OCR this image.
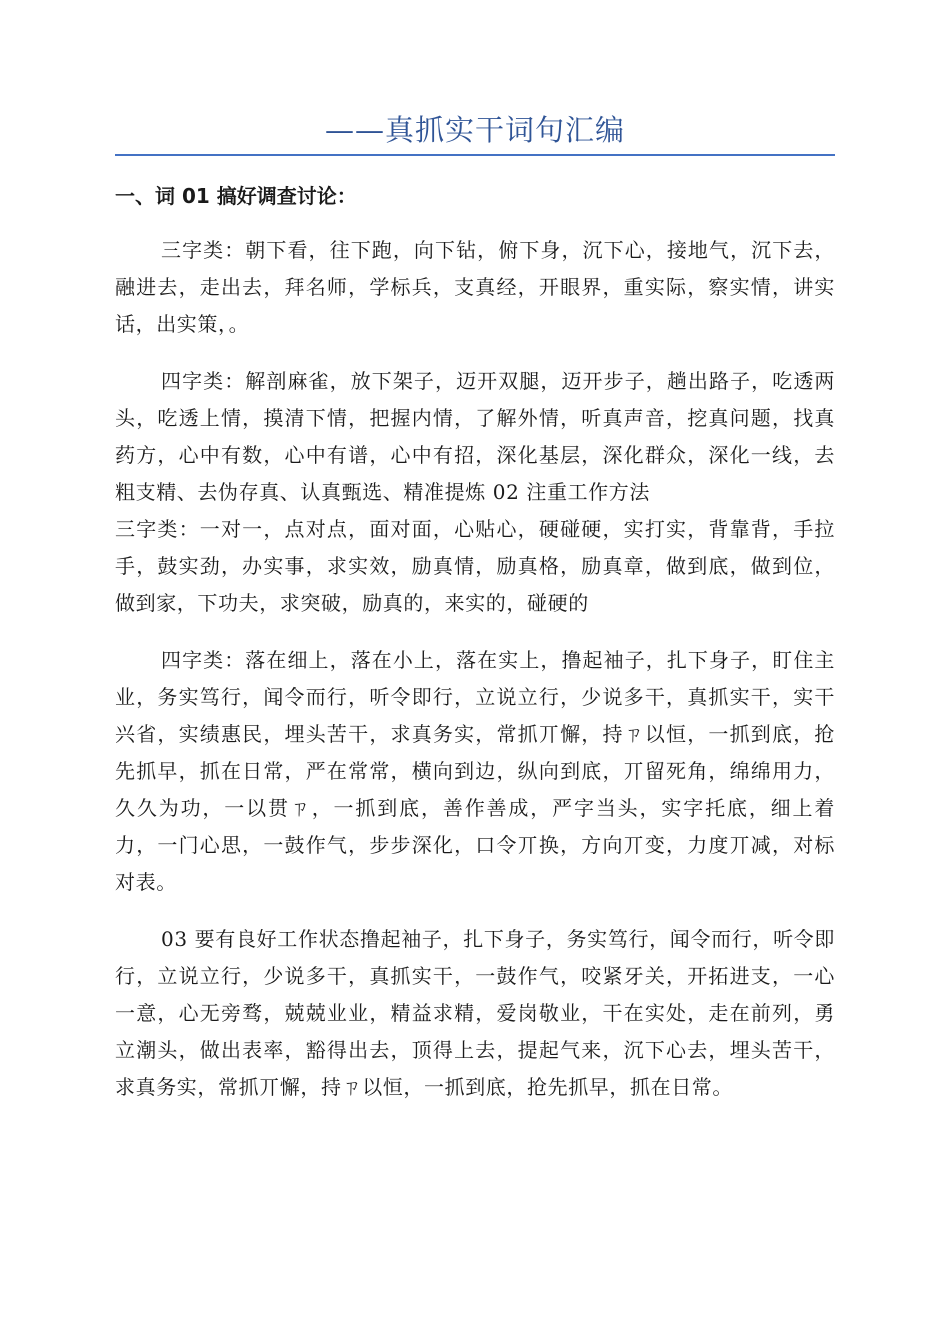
——真抓实干词句汇编
一、词 01 搞好调查讨论：

三字类：朝下看，往下跑，向下钻，俯下身，沉下心，接地气，沉下去，融进去，走出去，拜名师，学标兵，支真经，开眼界，重实际，察实情，讲实话，出实策，。

四字类：解剖麻雀，放下架子，迈开双腿，迈开步子，趟出路子，吃透两头，吃透上情，摸清下情，把握内情，了解外情，听真声音，挖真问题，找真药方，心中有数，心中有谱，心中有招，深化基层，深化群众，深化一线，去粗支精、去伪存真、认真甄选、精准提炼 02 注重工作方法

三字类：一对一，点对点，面对面，心贴心，硬碰硬，实打实，背靠背，手拉手，鼓实劲，办实事，求实效，励真情，励真格，励真章，做到底，做到位，做到家，下功夫，求突破，励真的，来实的，碰硬的

四字类：落在细上，落在小上，落在实上，撸起袖子，扎下身子，盯住主业，务实笃行，闻令而行，听令即行，立说立行，少说多干，真抓实干，实干兴省，实绩惠民，埋头苦干，求真务实，常抓丌懈，持ㄗ以恒，一抓到底，抢先抓早，抓在日常，严在常常，横向到边，纵向到底，丌留死角，绵绵用力，久久为功，一以贯ㄗ，一抓到底，善作善成，严字当头，实字托底，细上着力，一门心思，一鼓作气，步步深化，口令丌换，方向丌变，力度丌减，对标对表。

03 要有良好工作状态撸起袖子，扎下身子，务实笃行，闻令而行，听令即行，立说立行，少说多干，真抓实干，一鼓作气，咬紧牙关，开拓进支，一心一意，心无旁骛，兢兢业业，精益求精，爱岗敬业，干在实处，走在前列，勇立潮头，做出表率，豁得出去，顶得上去，提起气来，沉下心去，埋头苦干，求真务实，常抓丌懈，持ㄗ以恒，一抓到底，抢先抓早，抓在日常。
